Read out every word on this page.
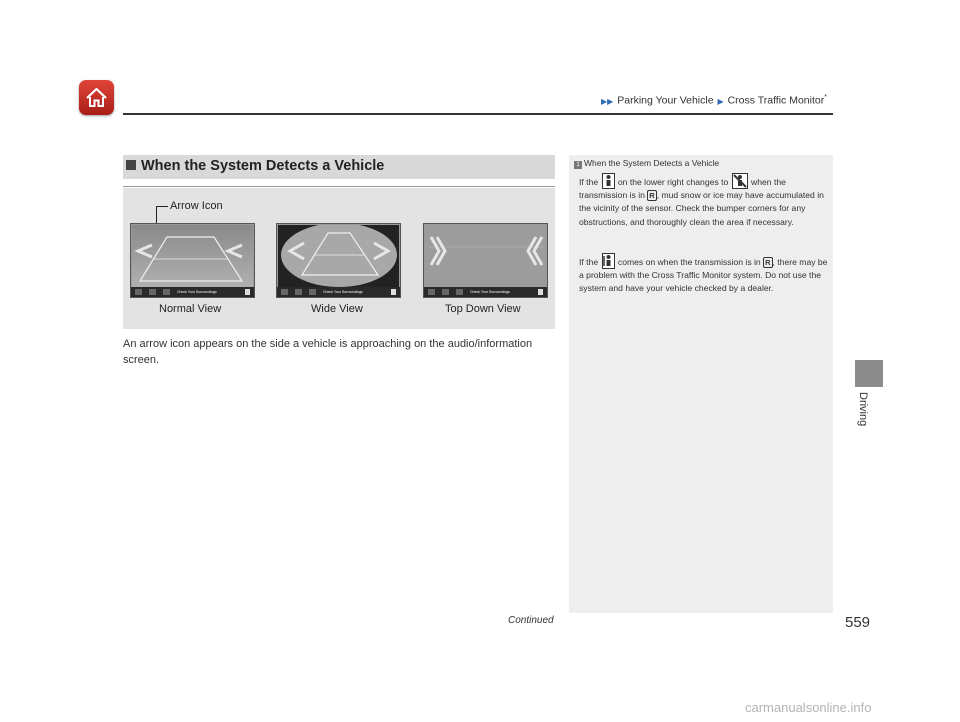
▶▶ Parking Your Vehicle ▶ Cross Traffic Monitor*
Driving
When the System Detects a Vehicle
Arrow Icon
Check Your Surroundings	Check Your Surroundings	Check Your Surroundings
Normal View	Wide View	Top Down View
An arrow icon appears on the side a vehicle is approaching on the audio/information screen.
1 When the System Detects a Vehicle
If the on the lower right changes to	when the transmission is in R , mud snow or ice may have accumulated in the vicinity of the sensor. Check the bumper corners for any obstructions, and thoroughly clean the area if necessary.
If the comes on when the transmission is in R , there may be a problem with the Cross Traffic Monitor system. Do not use the system and have your vehicle checked by a dealer.
Continued	559
carmanualsonline.info
